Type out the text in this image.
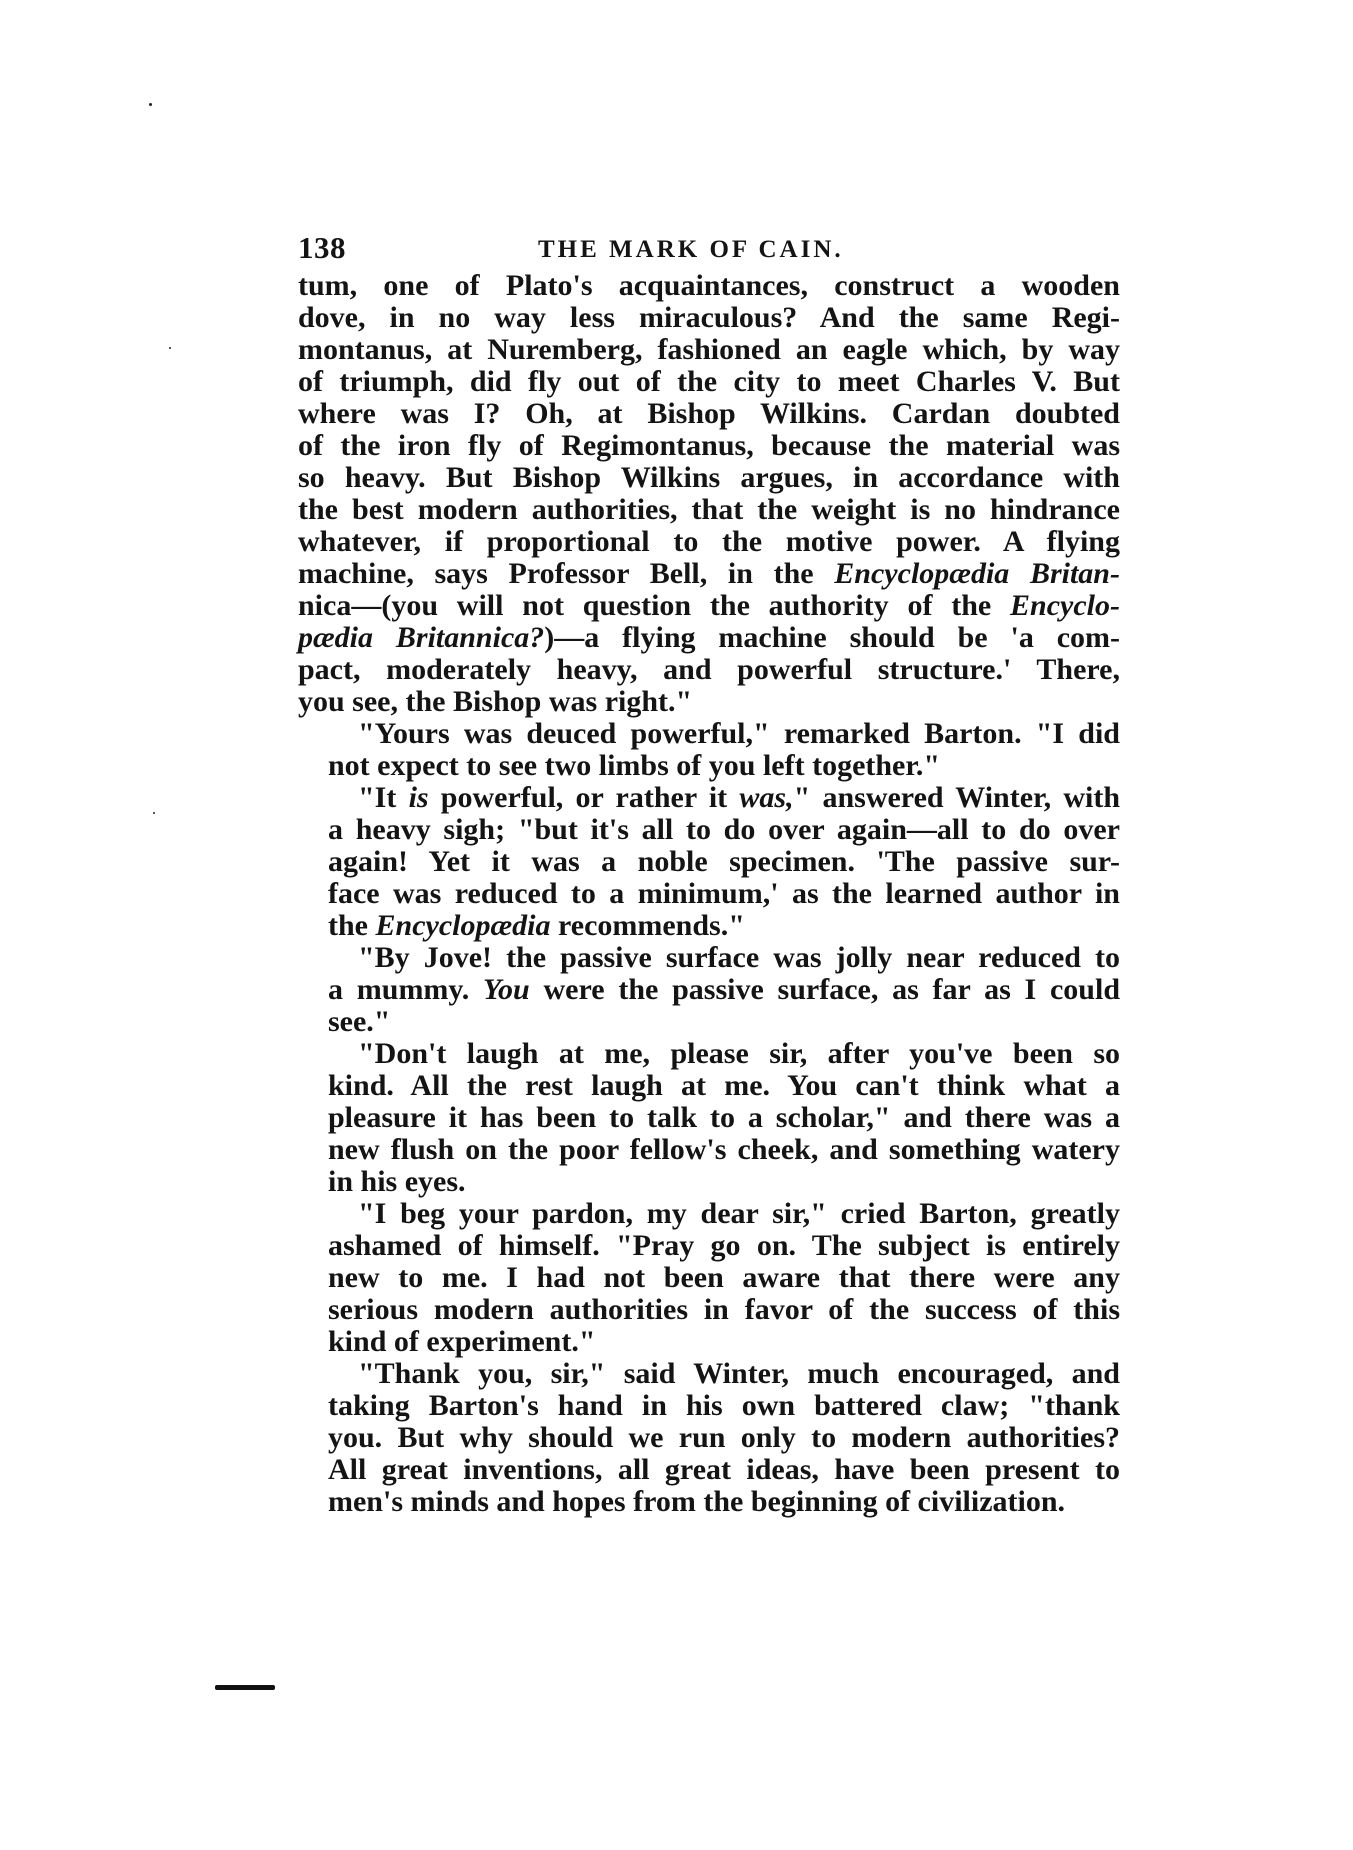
138	THE MARK OF CAIN.

tum, one of Plato's acquaintances, construct a wooden
dove, in no way less miraculous? And the same Regi-
montanus, at Nuremberg, fashioned an eagle which, by way
of triumph, did fly out of the city to meet Charles V. But
where was I? Oh, at Bishop Wilkins. Cardan doubted
of the iron fly of Regimontanus, because the material was
so heavy. But Bishop Wilkins argues, in accordance with
the best modern authorities, that the weight is no hindrance
whatever, if proportional to the motive power. A flying
machine, says Professor Bell, in the Encyclopædia Britan-
nica—(you will not question the authority of the Encyclo-
pædia Britannica?)—a flying machine should be 'a com-
pact, moderately heavy, and powerful structure.' There,
you see, the Bishop was right."

"Yours was deuced powerful," remarked Barton. "I did
not expect to see two limbs of you left together."

"It is powerful, or rather it was," answered Winter, with
a heavy sigh; "but it's all to do over again—all to do over
again! Yet it was a noble specimen. 'The passive sur-
face was reduced to a minimum,' as the learned author in
the Encyclopædia recommends."

"By Jove! the passive surface was jolly near reduced to
a mummy. You were the passive surface, as far as I could
see."

"Don't laugh at me, please sir, after you've been so
kind. All the rest laugh at me. You can't think what a
pleasure it has been to talk to a scholar," and there was a
new flush on the poor fellow's cheek, and something watery
in his eyes.

"I beg your pardon, my dear sir," cried Barton, greatly
ashamed of himself. "Pray go on. The subject is entirely
new to me. I had not been aware that there were any
serious modern authorities in favor of the success of this
kind of experiment."

"Thank you, sir," said Winter, much encouraged, and
taking Barton's hand in his own battered claw; "thank
you. But why should we run only to modern authorities?
All great inventions, all great ideas, have been present to
men's minds and hopes from the beginning of civilization.
